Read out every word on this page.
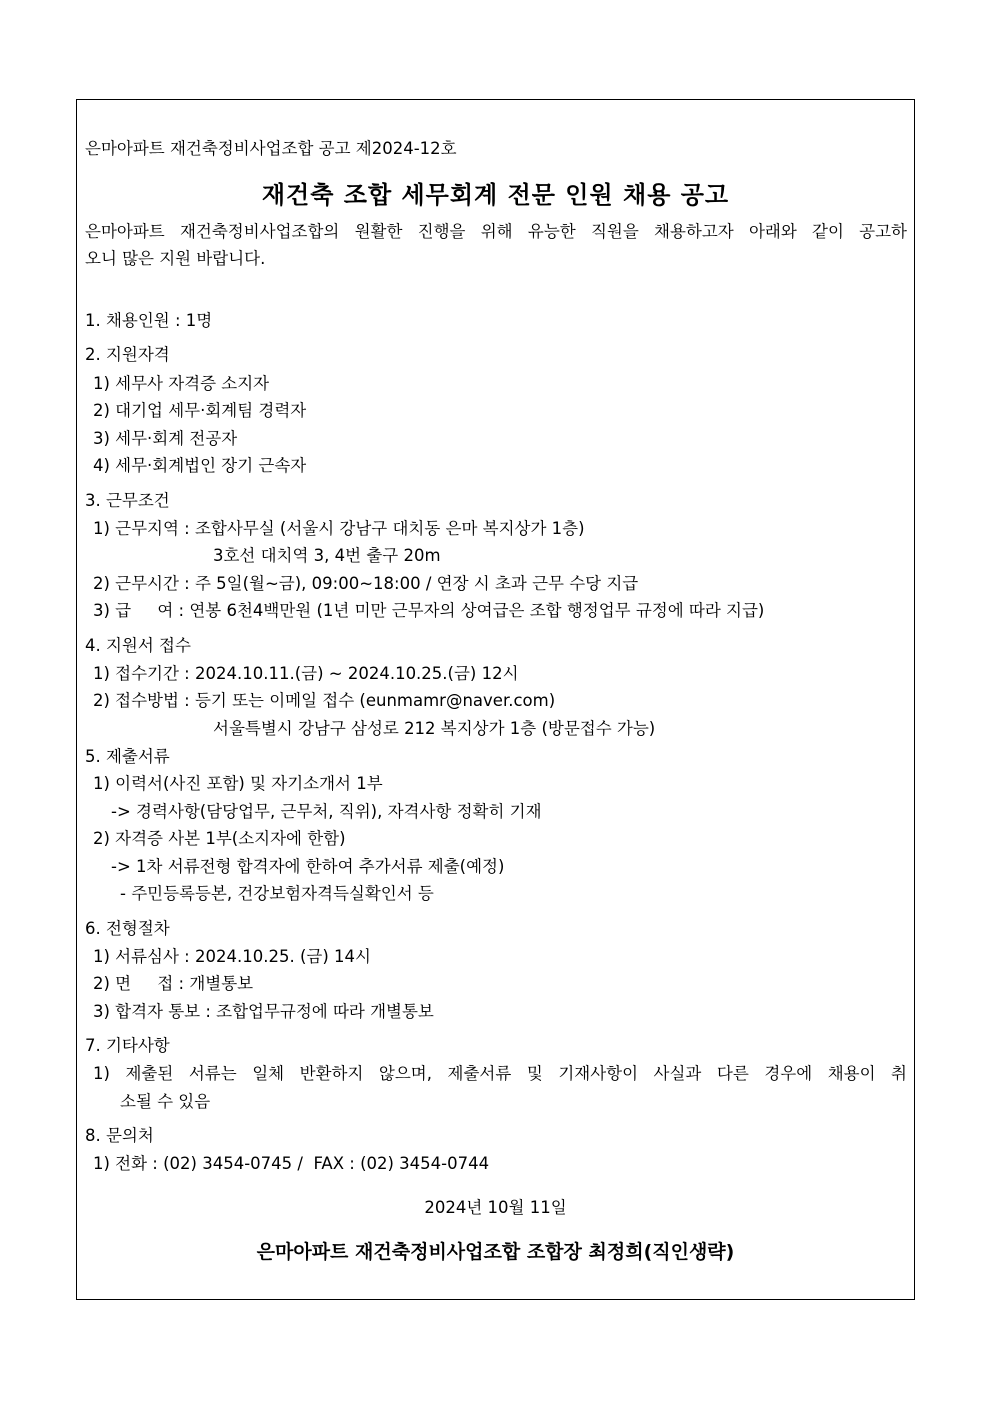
은마아파트 재건축정비사업조합 공고 제2024-12호
재건축 조합 세무회계 전문 인원 채용 공고
은마아파트 재건축정비사업조합의 원활한 진행을 위해 유능한 직원을 채용하고자 아래와 같이 공고하
오니 많은 지원 바랍니다.
1. 채용인원 : 1명
2. 지원자격
1) 세무사 자격증 소지자
2) 대기업 세무·회계팀 경력자
3) 세무·회계 전공자
4) 세무·회계법인 장기 근속자
3. 근무조건
1) 근무지역 : 조합사무실 (서울시 강남구 대치동 은마 복지상가 1층)
3호선 대치역 3, 4번 출구 20m
2) 근무시간 : 주 5일(월~금), 09:00~18:00 / 연장 시 초과 근무 수당 지급
3) 급     여 : 연봉 6천4백만원 (1년 미만 근무자의 상여급은 조합 행정업무 규정에 따라 지급)
4. 지원서 접수
1) 접수기간 : 2024.10.11.(금) ~ 2024.10.25.(금) 12시
2) 접수방법 : 등기 또는 이메일 접수 (eunmamr@naver.com)
서울특별시 강남구 삼성로 212 복지상가 1층 (방문접수 가능)
5. 제출서류
1) 이력서(사진 포함) 및 자기소개서 1부
-> 경력사항(담당업무, 근무처, 직위), 자격사항 정확히 기재
2) 자격증 사본 1부(소지자에 한함)
-> 1차 서류전형 합격자에 한하여 추가서류 제출(예정)
- 주민등록등본, 건강보험자격득실확인서 등
6. 전형절차
1) 서류심사 : 2024.10.25. (금) 14시
2) 면     접 : 개별통보
3) 합격자 통보 : 조합업무규정에 따라 개별통보
7. 기타사항
1) 제출된 서류는 일체 반환하지 않으며, 제출서류 및 기재사항이 사실과 다른 경우에 채용이 취
소될 수 있음
8. 문의처
1) 전화 : (02) 3454-0745 /  FAX : (02) 3454-0744
2024년 10월 11일
은마아파트 재건축정비사업조합 조합장 최정희(직인생략)
